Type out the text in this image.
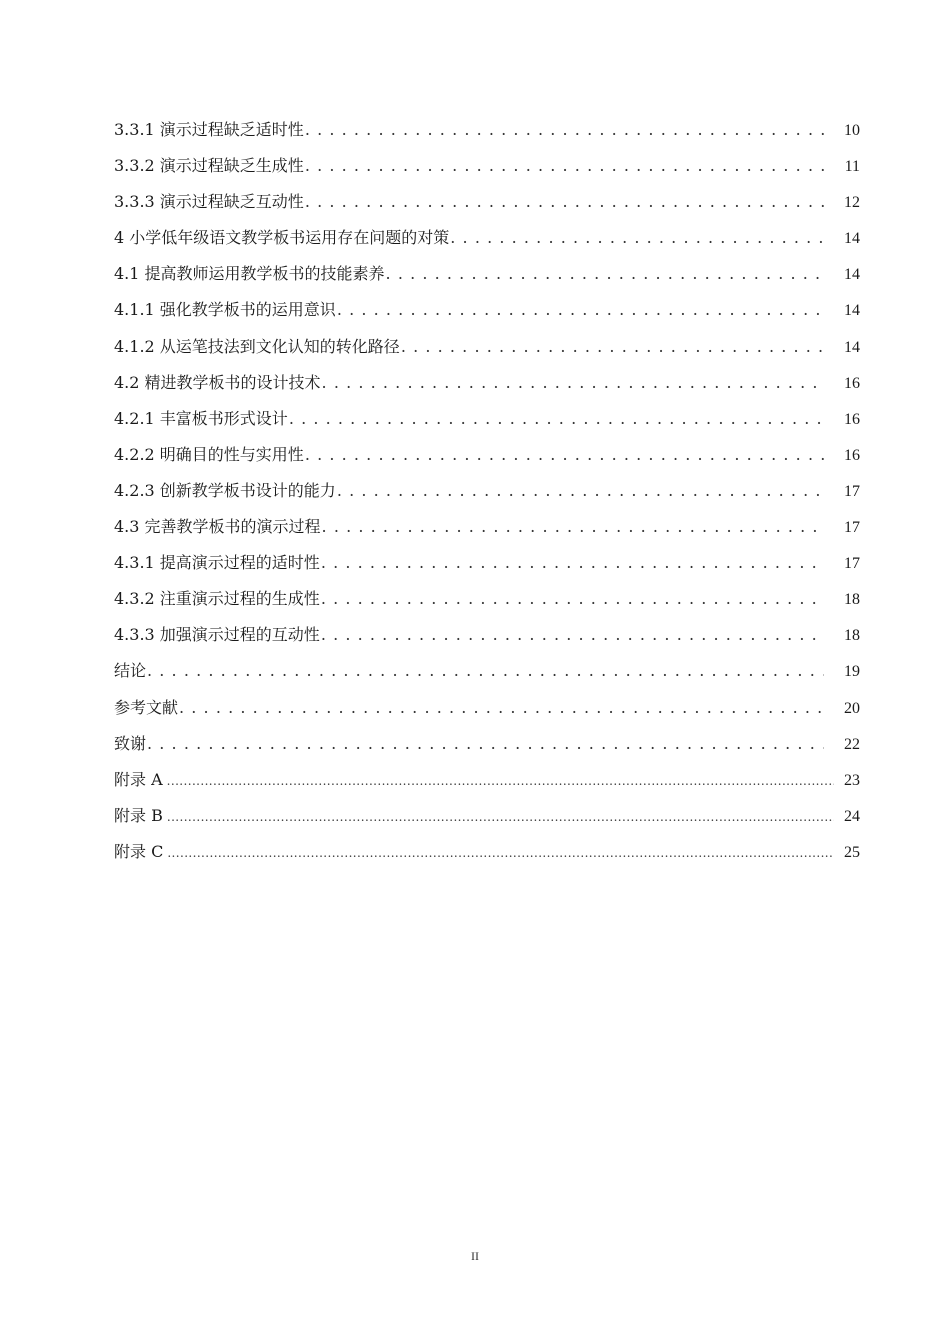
3.3.1 演示过程缺乏适时性 . . .	10
3.3.2 演示过程缺乏生成性 . . .	11
3.3.3 演示过程缺乏互动性 . . .	12
4 小学低年级语文教学板书运用存在问题的对策 . . .	14
4.1 提高教师运用教学板书的技能素养 . . .	14
4.1.1 强化教学板书的运用意识 . . .	14
4.1.2 从运笔技法到文化认知的转化路径 . . .	14
4.2 精进教学板书的设计技术 . . .	16
4.2.1 丰富板书形式设计 . . .	16
4.2.2 明确目的性与实用性 . . .	16
4.2.3 创新教学板书设计的能力 . . .	17
4.3 完善教学板书的演示过程 . . .	17
4.3.1 提高演示过程的适时性 . . .	17
4.3.2 注重演示过程的生成性 . . .	18
4.3.3 加强演示过程的互动性 . . .	18
结论 . . .	19
参考文献 . . .	20
致谢 . . .	22
附录 A .....	23
附录 B .....	24
附录 C .....	25
II
